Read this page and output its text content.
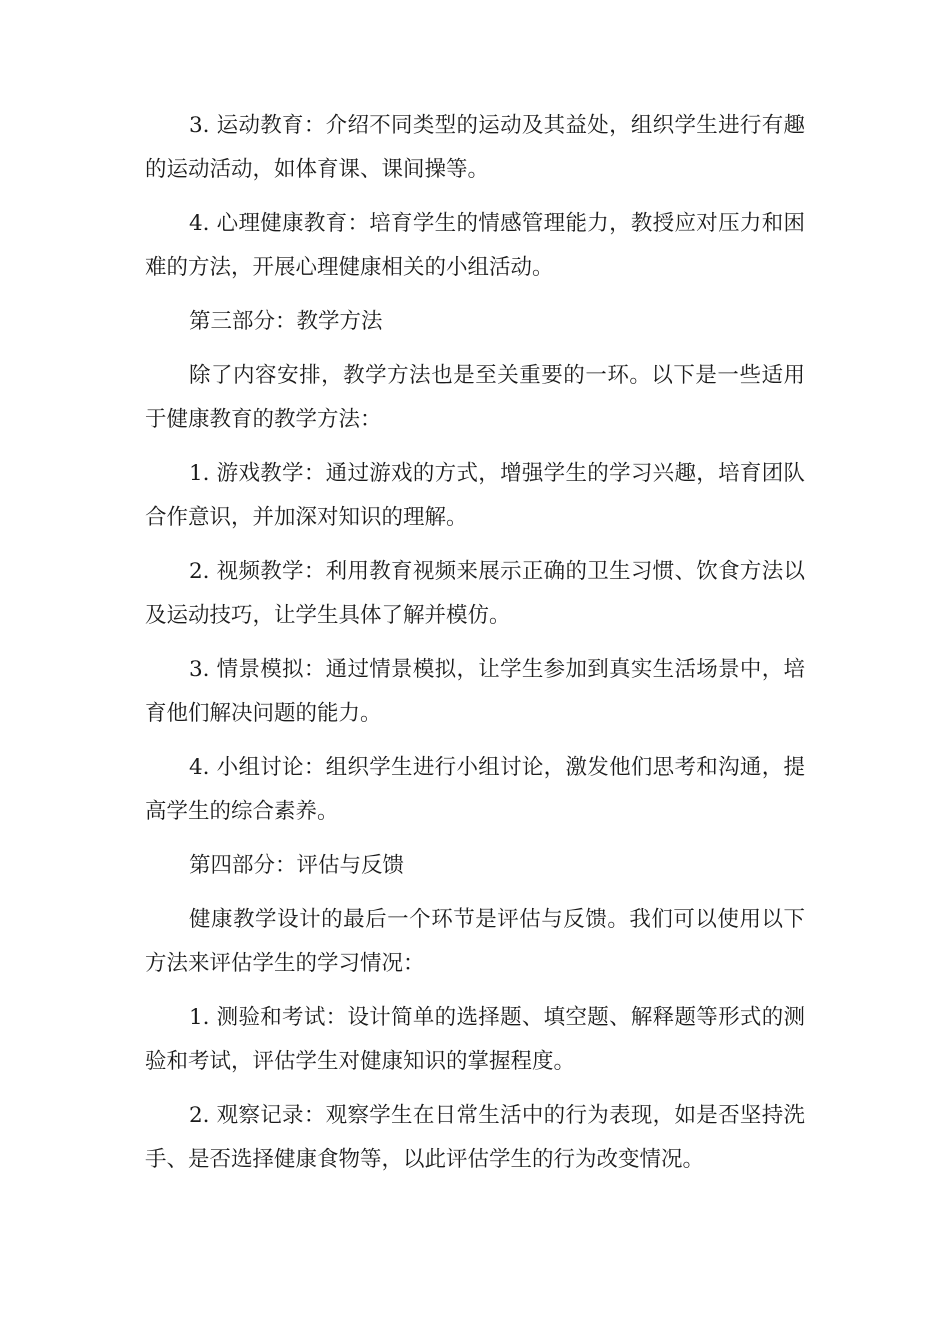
3. 运动教育：介绍不同类型的运动及其益处，组织学生进行有趣的运动活动，如体育课、课间操等。

4. 心理健康教育：培育学生的情感管理能力，教授应对压力和困难的方法，开展心理健康相关的小组活动。

第三部分：教学方法

除了内容安排，教学方法也是至关重要的一环。以下是一些适用于健康教育的教学方法：

1. 游戏教学：通过游戏的方式，增强学生的学习兴趣，培育团队合作意识，并加深对知识的理解。

2. 视频教学：利用教育视频来展示正确的卫生习惯、饮食方法以及运动技巧，让学生具体了解并模仿。

3. 情景模拟：通过情景模拟，让学生参加到真实生活场景中，培育他们解决问题的能力。

4. 小组讨论：组织学生进行小组讨论，激发他们思考和沟通，提高学生的综合素养。

第四部分：评估与反馈

健康教学设计的最后一个环节是评估与反馈。我们可以使用以下方法来评估学生的学习情况：

1. 测验和考试：设计简单的选择题、填空题、解释题等形式的测验和考试，评估学生对健康知识的掌握程度。

2. 观察记录：观察学生在日常生活中的行为表现，如是否坚持洗手、是否选择健康食物等，以此评估学生的行为改变情况。
